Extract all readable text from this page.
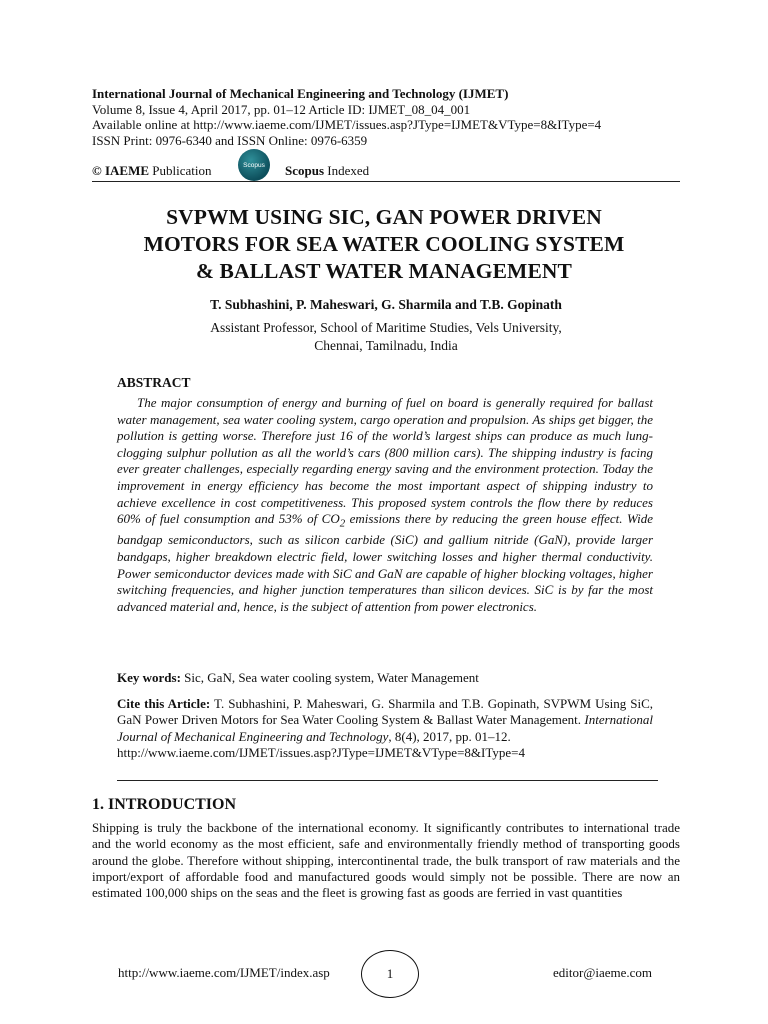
International Journal of Mechanical Engineering and Technology (IJMET)
Volume 8, Issue 4, April 2017, pp. 01–12 Article ID: IJMET_08_04_001
Available online at http://www.iaeme.com/IJMET/issues.asp?JType=IJMET&VType=8&IType=4
ISSN Print: 0976-6340 and ISSN Online: 0976-6359
© IAEME Publication	Scopus Scopus Indexed
SVPWM USING SIC, GAN POWER DRIVEN
MOTORS FOR SEA WATER COOLING SYSTEM
& BALLAST WATER MANAGEMENT
T. Subhashini, P. Maheswari, G. Sharmila and T.B. Gopinath
Assistant Professor, School of Maritime Studies, Vels University,
Chennai, Tamilnadu, India
ABSTRACT
The major consumption of energy and burning of fuel on board is generally required for ballast water management, sea water cooling system, cargo operation and propulsion. As ships get bigger, the pollution is getting worse. Therefore just 16 of the world’s largest ships can produce as much lung-clogging sulphur pollution as all the world’s cars (800 million cars). The shipping industry is facing ever greater challenges, especially regarding energy saving and the environment protection. Today the improvement in energy efficiency has become the most important aspect of shipping industry to achieve excellence in cost competitiveness. This proposed system controls the flow there by reduces 60% of fuel consumption and 53% of $CO_2$ emissions there by reducing the green house effect. Wide bandgap semiconductors, such as silicon carbide (SiC) and gallium nitride (GaN), provide larger bandgaps, higher breakdown electric field, lower switching losses and higher thermal conductivity. Power semiconductor devices made with SiC and GaN are capable of higher blocking voltages, higher switching frequencies, and higher junction temperatures than silicon devices. SiC is by far the most advanced material and, hence, is the subject of attention from power electronics.
Key words: Sic, GaN, Sea water cooling system, Water Management
Cite this Article: T. Subhashini, P. Maheswari, G. Sharmila and T.B. Gopinath, SVPWM Using SiC, GaN Power Driven Motors for Sea Water Cooling System & Ballast Water Management. International Journal of Mechanical Engineering and Technology, 8(4), 2017, pp. 01–12.
http://www.iaeme.com/IJMET/issues.asp?JType=IJMET&VType=8&IType=4
1. INTRODUCTION
Shipping is truly the backbone of the international economy. It significantly contributes to international trade and the world economy as the most efficient, safe and environmentally friendly method of transporting goods around the globe. Therefore without shipping, intercontinental trade, the bulk transport of raw materials and the import/export of affordable food and manufactured goods would simply not be possible. There are now an estimated 100,000 ships on the seas and the fleet is growing fast as goods are ferried in vast quantities
http://www.iaeme.com/IJMET/index.asp	1	editor@iaeme.com
